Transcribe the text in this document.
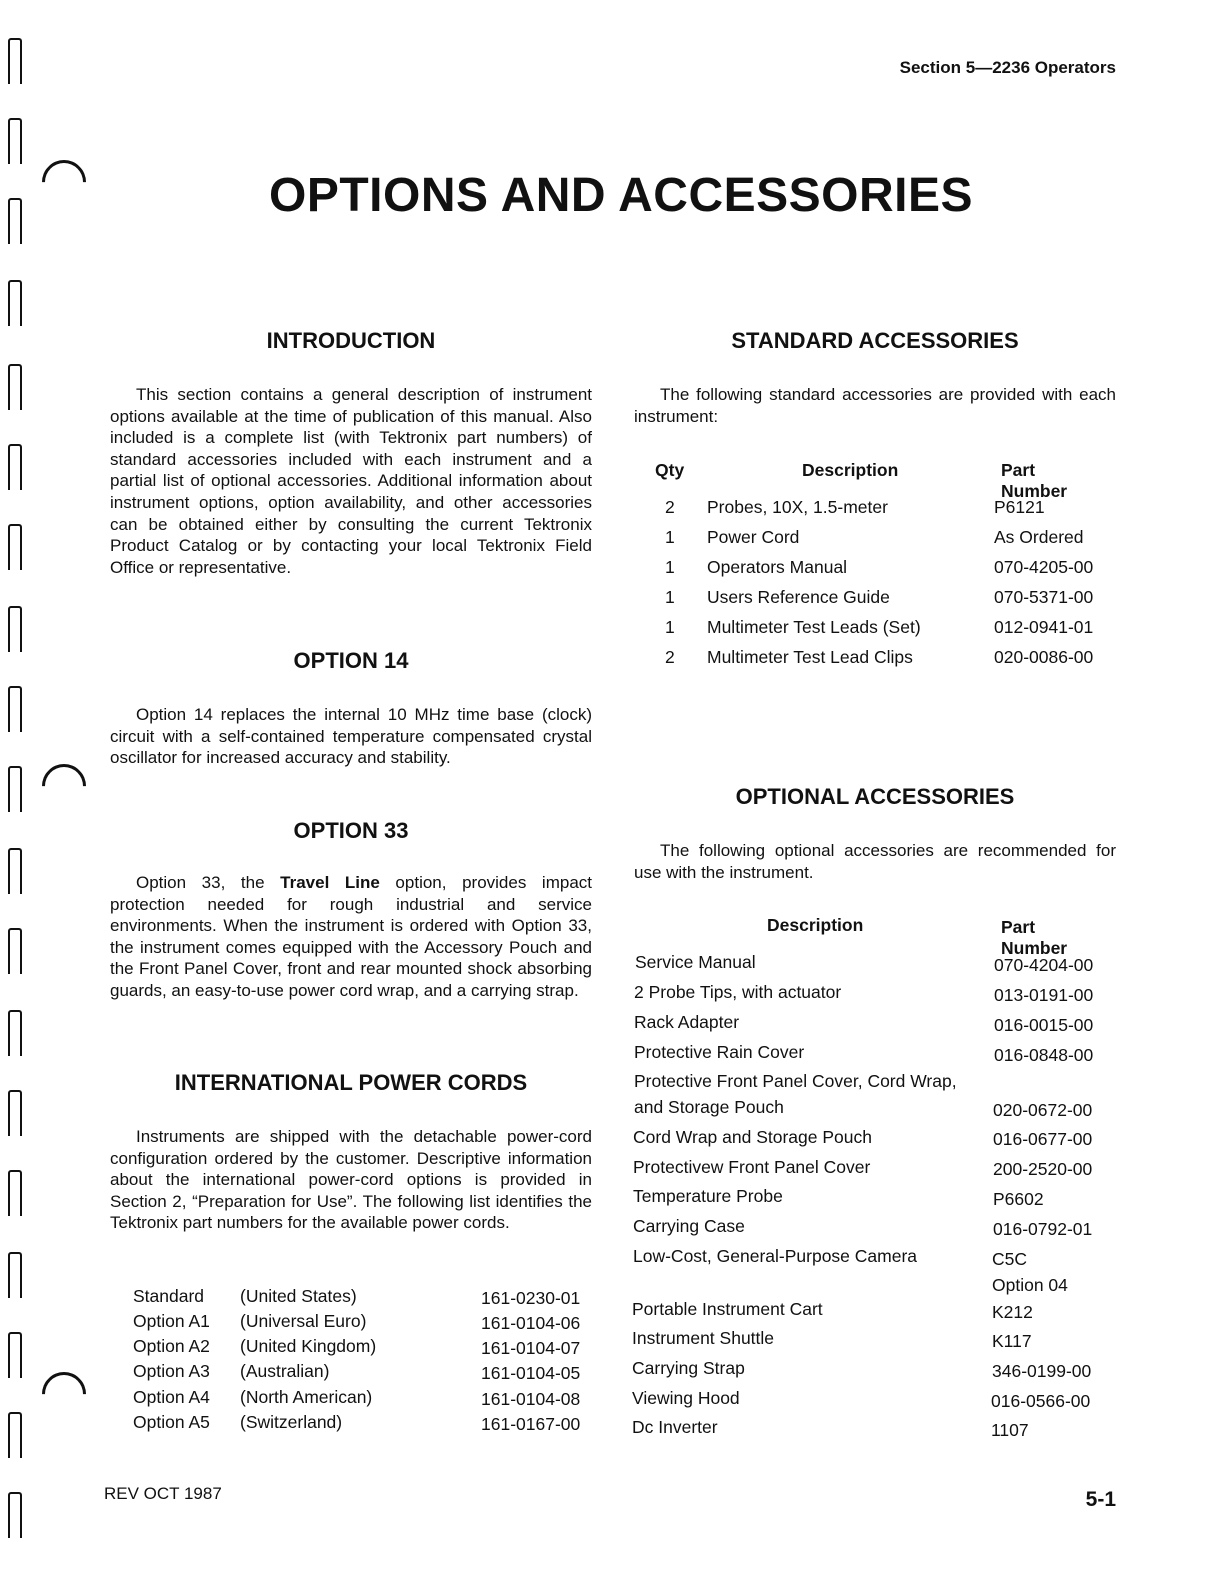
Section 5—2236 Operators
OPTIONS AND ACCESSORIES
INTRODUCTION
This section contains a general description of instrument options available at the time of publication of this manual. Also included is a complete list (with Tektronix part numbers) of standard accessories included with each instrument and a partial list of optional accessories. Additional information about instrument options, option availability, and other accessories can be obtained either by consulting the current Tektronix Product Catalog or by contacting your local Tektronix Field Office or representative.
OPTION 14
Option 14 replaces the internal 10 MHz time base (clock) circuit with a self-contained temperature compensated crystal oscillator for increased accuracy and stability.
OPTION 33
Option 33, the Travel Line option, provides impact protection needed for rough industrial and service environments. When the instrument is ordered with Option 33, the instrument comes equipped with the Accessory Pouch and the Front Panel Cover, front and rear mounted shock absorbing guards, an easy-to-use power cord wrap, and a carrying strap.
INTERNATIONAL POWER CORDS
Instruments are shipped with the detachable power-cord configuration ordered by the customer. Descriptive information about the international power-cord options is provided in Section 2, “Preparation for Use”. The following list identifies the Tektronix part numbers for the available power cords.
Standard (United States)	161-0230-01
Option A1 (Universal Euro)	161-0104-06
Option A2 (United Kingdom)	161-0104-07
Option A3 (Australian)	161-0104-05
Option A4 (North American)	161-0104-08
Option A5 (Switzerland)	161-0167-00
STANDARD ACCESSORIES
The following standard accessories are provided with each instrument:
Qty	Description	Part Number
2 Probes, 10X, 1.5-meter	P6121
1 Power Cord	As Ordered
1 Operators Manual	070-4205-00
1 Users Reference Guide	070-5371-00
1 Multimeter Test Leads (Set)	012-0941-01
2 Multimeter Test Lead Clips	020-0086-00
OPTIONAL ACCESSORIES
The following optional accessories are recommended for use with the instrument.
Description	Part Number
Service Manual	070-4204-00
2 Probe Tips, with actuator	013-0191-00
Rack Adapter	016-0015-00
Protective Rain Cover	016-0848-00
Protective Front Panel Cover, Cord Wrap,
and Storage Pouch	020-0672-00
Cord Wrap and Storage Pouch	016-0677-00
Protectivew Front Panel Cover	200-2520-00
Temperature Probe	P6602
Carrying Case	016-0792-01
Low-Cost, General-Purpose Camera	C5C
Option 04
Portable Instrument Cart	K212
Instrument Shuttle	K117
Carrying Strap	346-0199-00
Viewing Hood	016-0566-00
Dc Inverter	1107
REV OCT 1987	5-1
